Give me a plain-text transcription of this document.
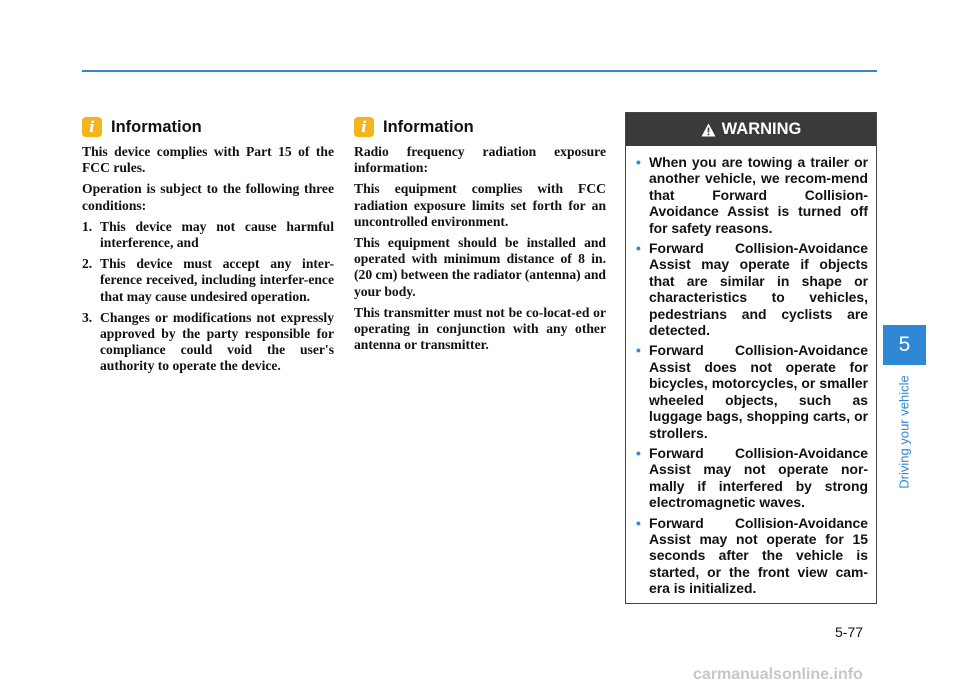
i Information

This device complies with Part 15 of the FCC rules.

Operation is subject to the following three conditions:

1. This device may not cause harmful interference, and
2. This device must accept any inter-ference received, including interfer-ence that may cause undesired operation.
3. Changes or modifications not expressly approved by the party responsible for compliance could void the user's authority to operate the device.
i Information

Radio frequency radiation exposure information:

This equipment complies with FCC radiation exposure limits set forth for an uncontrolled environment.

This equipment should be installed and operated with minimum distance of 8 in. (20 cm) between the radiator (antenna) and your body.

This transmitter must not be co-locat-ed or operating in conjunction with any other antenna or transmitter.

WARNING
• When you are towing a trailer or another vehicle, we recom-mend that Forward Collision-Avoidance Assist is turned off for safety reasons.
• Forward Collision-Avoidance Assist may operate if objects that are similar in shape or characteristics to vehicles, pedestrians and cyclists are detected.
• Forward Collision-Avoidance Assist does not operate for bicycles, motorcycles, or smaller wheeled objects, such as luggage bags, shopping carts, or strollers.
• Forward Collision-Avoidance Assist may not operate nor-mally if interfered by strong electromagnetic waves.
• Forward Collision-Avoidance Assist may not operate for 15 seconds after the vehicle is started, or the front view cam-era is initialized.
5
Driving your vehicle
5-77
carmanualsonline.info
